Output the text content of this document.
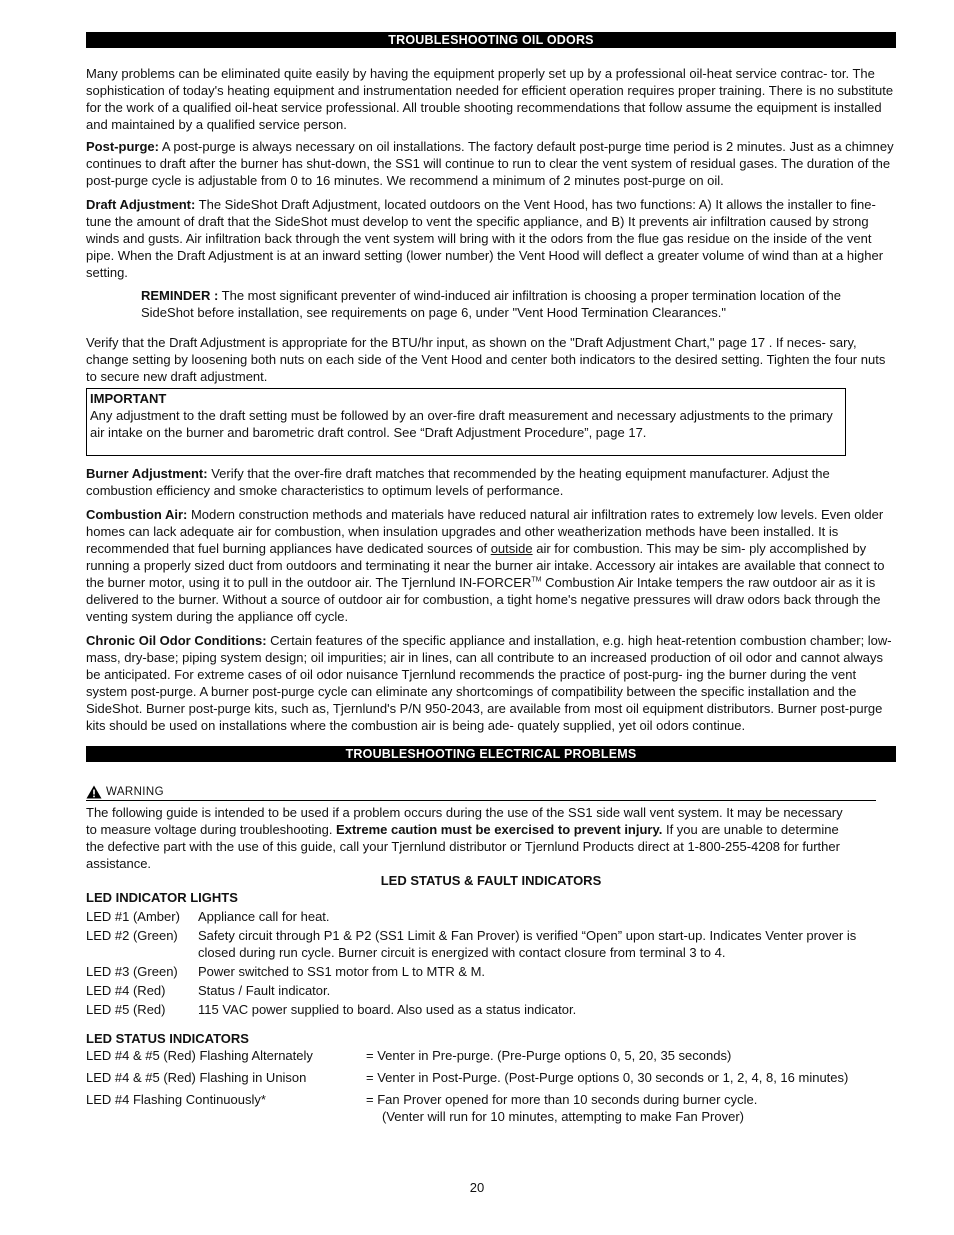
TROUBLESHOOTING OIL ODORS

Many problems can be eliminated quite easily by having the equipment properly set up by a professional oil-heat service contrac- tor. The sophistication of today's heating equipment and instrumentation needed for efficient operation requires proper training. There is no substitute for the work of a qualified oil-heat service professional. All trouble shooting recommendations that follow assume the equipment is installed and maintained by a qualified service person.

Post-purge: A post-purge is always necessary on oil installations. The factory default post-purge time period is 2 minutes. Just as a chimney continues to draft after the burner has shut-down, the SS1 will continue to run to clear the vent system of residual gases. The duration of the post-purge cycle is adjustable from 0 to 16 minutes. We recommend a minimum of 2 minutes post-purge on oil.

Draft Adjustment: The SideShot Draft Adjustment, located outdoors on the Vent Hood, has two functions: A) It allows the installer to fine-tune the amount of draft that the SideShot must develop to vent the specific appliance, and B) It prevents air infiltration caused by strong winds and gusts. Air infiltration back through the vent system will bring with it the odors from the flue gas residue on the inside of the vent pipe. When the Draft Adjustment is at an inward setting (lower number) the Vent Hood will deflect a greater volume of wind than at a higher setting.

REMINDER : The most significant preventer of wind-induced air infiltration is choosing a proper termination location of the SideShot before installation, see requirements on page 6, under "Vent Hood Termination Clearances."

Verify that the Draft Adjustment is appropriate for the BTU/hr input, as shown on the "Draft Adjustment Chart," page 17 . If neces- sary, change setting by loosening both nuts on each side of the Vent Hood and center both indicators to the desired setting. Tighten the four nuts to secure new draft adjustment.

IMPORTANT
Any adjustment to the draft setting must be followed by an over-fire draft measurement and necessary adjustments to the primary air intake on the burner and barometric draft control. See “Draft Adjustment Procedure”, page 17.

Burner Adjustment: Verify that the over-fire draft matches that recommended by the heating equipment manufacturer. Adjust the combustion efficiency and smoke characteristics to optimum levels of performance.

Combustion Air: Modern construction methods and materials have reduced natural air infiltration rates to extremely low levels. Even older homes can lack adequate air for combustion, when insulation upgrades and other weatherization methods have been installed. It is recommended that fuel burning appliances have dedicated sources of outside air for combustion. This may be sim- ply accomplished by running a properly sized duct from outdoors and terminating it near the burner air intake. Accessory air intakes are available that connect to the burner motor, using it to pull in the outdoor air. The Tjernlund IN-FORCER™ Combustion Air Intake tempers the raw outdoor air as it is delivered to the burner. Without a source of outdoor air for combustion, a tight home's negative pressures will draw odors back through the venting system during the appliance off cycle.

Chronic Oil Odor Conditions: Certain features of the specific appliance and installation, e.g. high heat-retention combustion chamber; low-mass, dry-base; piping system design; oil impurities; air in lines, can all contribute to an increased production of oil odor and cannot always be anticipated. For extreme cases of oil odor nuisance Tjernlund recommends the practice of post-purg- ing the burner during the vent system post-purge. A burner post-purge cycle can eliminate any shortcomings of compatibility between the specific installation and the SideShot. Burner post-purge kits, such as, Tjernlund's P/N 950-2043, are available from most oil equipment distributors. Burner post-purge kits should be used on installations where the combustion air is being ade- quately supplied, yet oil odors continue.

TROUBLESHOOTING ELECTRICAL PROBLEMS
WARNING

The following guide is intended to be used if a problem occurs during the use of the SS1 side wall vent system. It may be necessary to measure voltage during troubleshooting. Extreme caution must be exercised to prevent injury. If you are unable to determine the defective part with the use of this guide, call your Tjernlund distributor or Tjernlund Products direct at 1-800-255-4208 for further assistance.

LED STATUS & FAULT INDICATORS
LED INDICATOR LIGHTS
LED #1 (Amber)	Appliance call for heat.
LED #2 (Green)	Safety circuit through P1 & P2 (SS1 Limit & Fan Prover) is verified “Open” upon start-up. Indicates Venter prover is closed during run cycle. Burner circuit is energized with contact closure from terminal 3 to 4.
LED #3 (Green)	Power switched to SS1 motor from L to MTR & M.
LED #4 (Red)	Status / Fault indicator.
LED #5 (Red)	115 VAC power supplied to board. Also used as a status indicator.
LED STATUS INDICATORS
LED #4 & #5 (Red) Flashing Alternately	= Venter in Pre-purge. (Pre-Purge options 0, 5, 20, 35 seconds)
LED #4 & #5 (Red) Flashing in Unison	= Venter in Post-Purge. (Post-Purge options 0, 30 seconds or 1, 2, 4, 8, 16 minutes)
LED #4 Flashing Continuously*	= Fan Prover opened for more than 10 seconds during burner cycle.
(Venter will run for 10 minutes, attempting to make Fan Prover)
20
